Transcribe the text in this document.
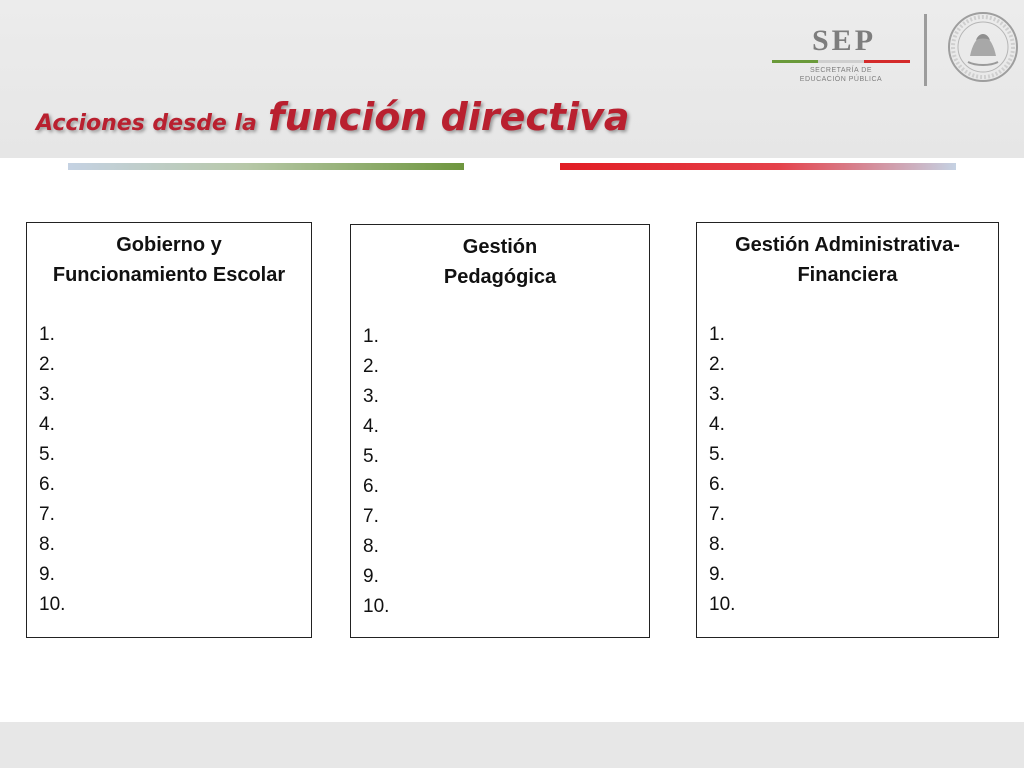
Acciones desde la función directiva
SEP
SECRETARÍA DE
EDUCACIÓN PÚBLICA
Gobierno y
Funcionamiento Escolar
1.
2.
3.
4.
5.
6.
7.
8.
9.
10.
Gestión
Pedagógica
1.
2.
3.
4.
5.
6.
7.
8.
9.
10.
Gestión Administrativa-
Financiera
1.
2.
3.
4.
5.
6.
7.
8.
9.
10.
